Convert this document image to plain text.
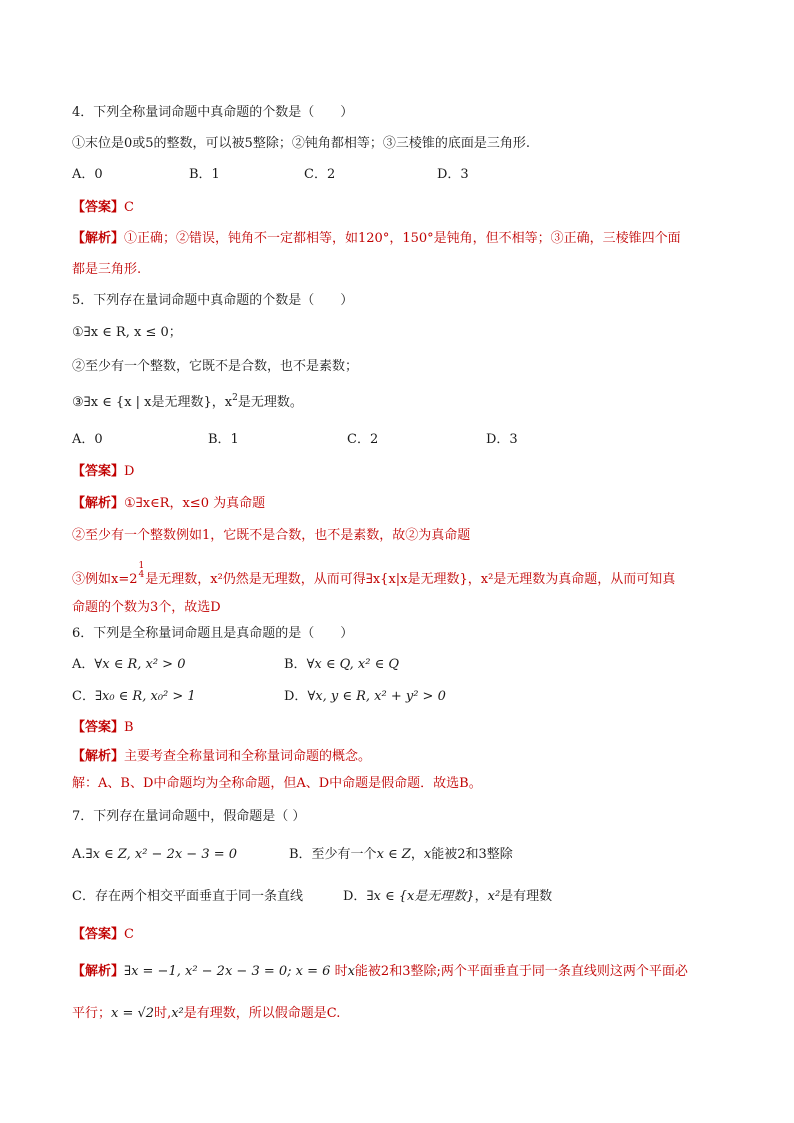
4．下列全称量词命题中真命题的个数是（　　）
①末位是0或5的整数，可以被5整除；②钝角都相等；③三棱锥的底面是三角形.
A．0	B．1	C．2	D．3
【答案】C
【解析】①正确；②错误，钝角不一定都相等，如120°，150°是钝角，但不相等；③正确，三棱锥四个面
都是三角形.
5．下列存在量词命题中真命题的个数是（　　）
①∃x ∈ R, x ≤ 0；
②至少有一个整数，它既不是合数，也不是素数；
③∃x ∈ {x | x是无理数}，$x^2$是无理数。
A．0	B．1	C．2	D．3
【答案】D
【解析】①∃x∈R，x≤0 为真命题
②至少有一个整数例如1，它既不是合数，也不是素数，故②为真命题
③例如x=2
1
4 是无理数，x²仍然是无理数，从而可得∃x{x|x是无理数}，x²是无理数为真命题，从而可知真
命题的个数为3个，故选D
6．下列是全称量词命题且是真命题的是（　　）
A．∀x ∈ R, x² > 0	B．∀x ∈ Q, x² ∈ Q
C．∃x₀ ∈ R, x₀² > 1	D．∀x, y ∈ R, x² + y² > 0
【答案】B
【解析】主要考查全称量词和全称量词命题的概念。
解：A、B、D中命题均为全称命题，但A、D中命题是假命题．故选B。
7．下列存在量词命题中，假命题是（ ）
A.∃x ∈ Z, x² − 2x − 3 = 0	B．至少有一个x ∈ Z，x能被2和3整除
C．存在两个相交平面垂直于同一条直线	D．∃x ∈ {x是无理数}，x²是有理数
【答案】C
【解析】∃x = −1, x² − 2x − 3 = 0; x = 6 时x能被2和3整除;两个平面垂直于同一条直线则这两个平面必
平行；x = √2时,x²是有理数，所以假命题是C.
